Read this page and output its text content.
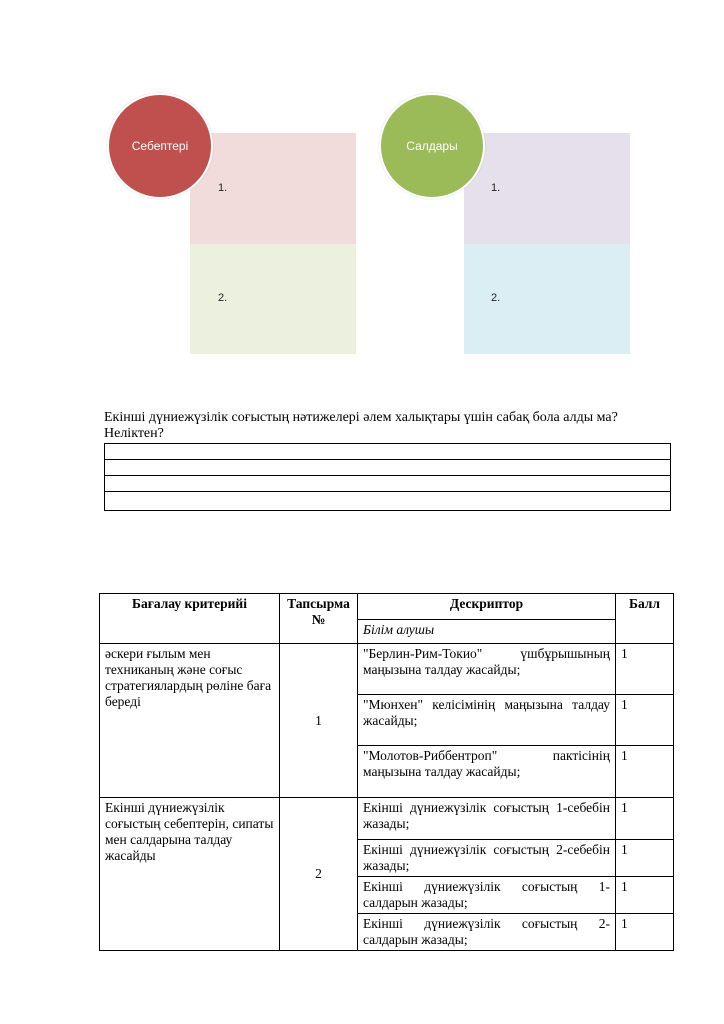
1.
2.
Себептері
1.
2.
Салдары
Екінші дүниежүзілік соғыстың нәтижелері әлем халықтары үшін сабақ бола алды ма? Неліктен?
Бағалау критерийі	Тапсырма №	Дескриптор	Балл
		Білім алушы	
әскери ғылым мен техниканың және соғыс стратегиялардың рөліне баға береді	1	"Берлин-Рим-Токио" үшбұрышының маңызына талдау жасайды;	1
		"Мюнхен" келісімінің маңызына талдау жасайды;	1
		"Молотов-Риббентроп" пактісінің маңызына талдау жасайды;	1
Екінші дүниежүзілік соғыстың себептерін, сипаты мен салдарына талдау жасайды	2	Екінші дүниежүзілік соғыстың 1-себебін жазады;	1
		Екінші дүниежүзілік соғыстың 2-себебін жазады;	1
		Екінші дүниежүзілік соғыстың 1-салдарын жазады;	1
		Екінші дүниежүзілік соғыстың 2-салдарын жазады;	1
